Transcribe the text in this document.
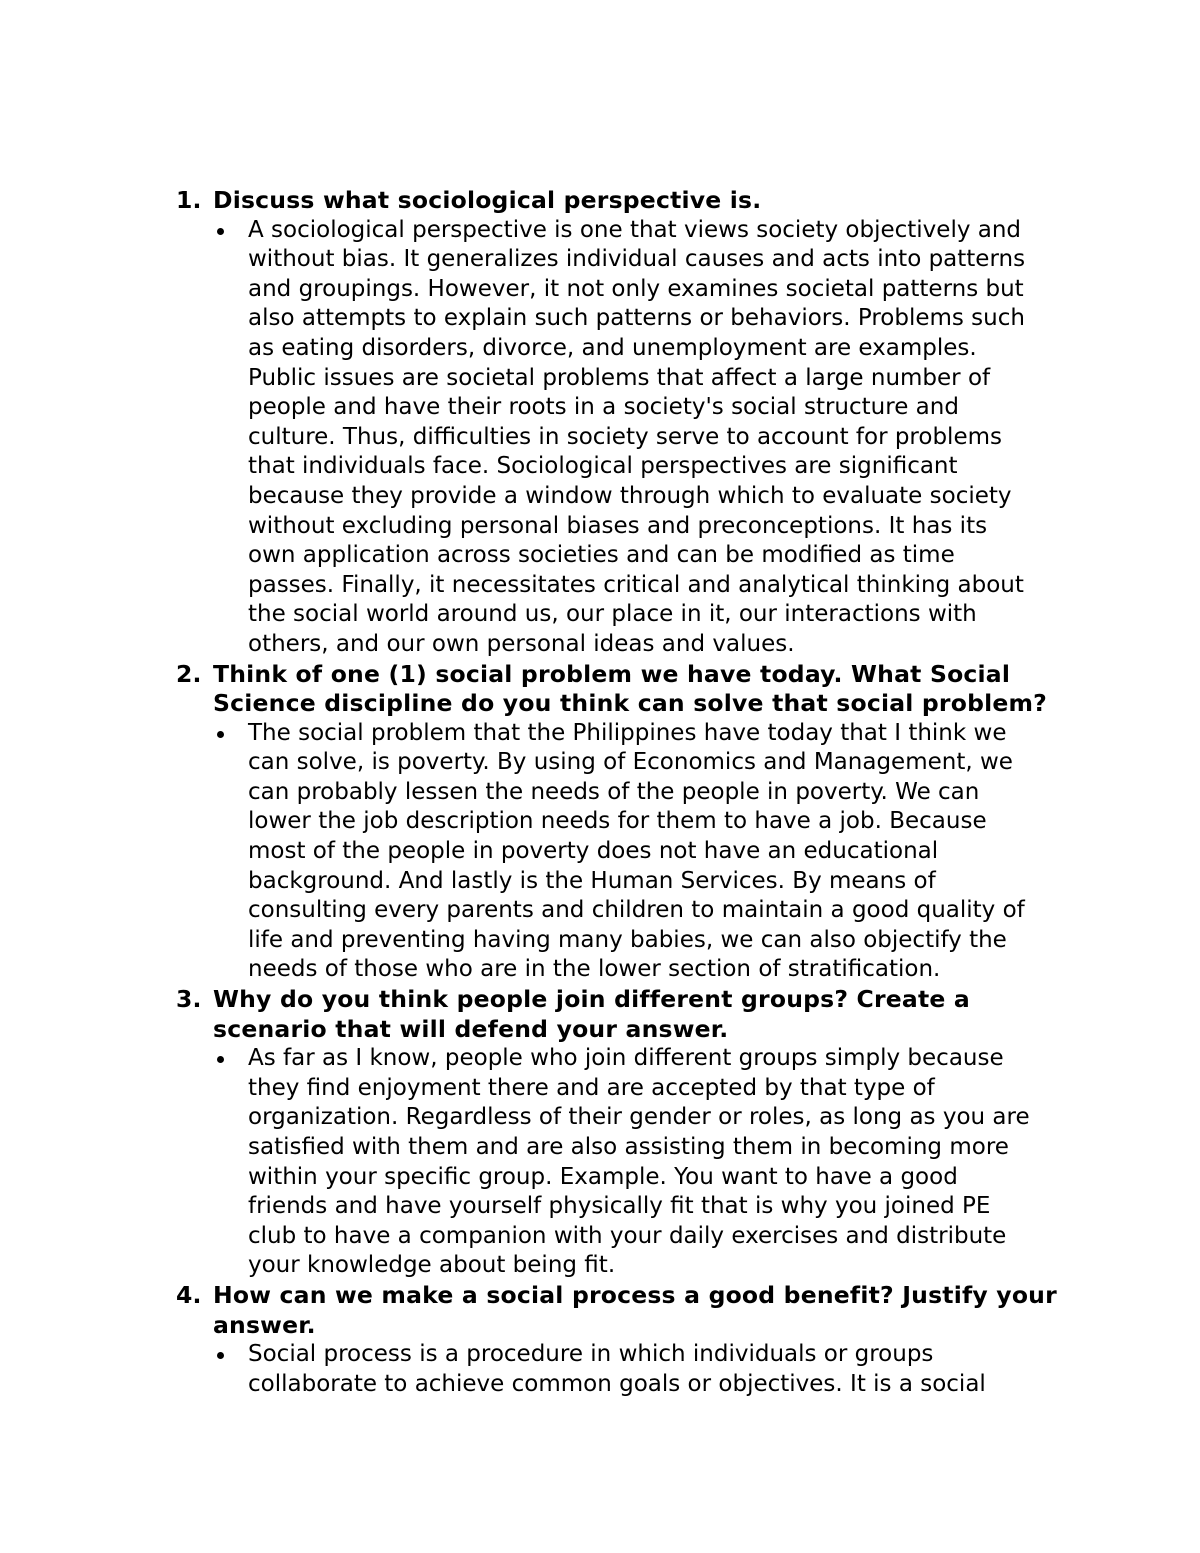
1. Discuss what sociological perspective is.
A sociological perspective is one that views society objectively and
without bias. It generalizes individual causes and acts into patterns
and groupings. However, it not only examines societal patterns but
also attempts to explain such patterns or behaviors. Problems such
as eating disorders, divorce, and unemployment are examples.
Public issues are societal problems that affect a large number of
people and have their roots in a society's social structure and
culture. Thus, difficulties in society serve to account for problems
that individuals face. Sociological perspectives are significant
because they provide a window through which to evaluate society
without excluding personal biases and preconceptions. It has its
own application across societies and can be modified as time
passes. Finally, it necessitates critical and analytical thinking about
the social world around us, our place in it, our interactions with
others, and our own personal ideas and values.
2. Think of one (1) social problem we have today. What Social
Science discipline do you think can solve that social problem?
The social problem that the Philippines have today that I think we
can solve, is poverty. By using of Economics and Management, we
can probably lessen the needs of the people in poverty. We can
lower the job description needs for them to have a job. Because
most of the people in poverty does not have an educational
background. And lastly is the Human Services. By means of
consulting every parents and children to maintain a good quality of
life and preventing having many babies, we can also objectify the
needs of those who are in the lower section of stratification.
3. Why do you think people join different groups? Create a
scenario that will defend your answer.
As far as I know, people who join different groups simply because
they find enjoyment there and are accepted by that type of
organization. Regardless of their gender or roles, as long as you are
satisfied with them and are also assisting them in becoming more
within your specific group. Example. You want to have a good
friends and have yourself physically fit that is why you joined PE
club to have a companion with your daily exercises and distribute
your knowledge about being fit.
4. How can we make a social process a good benefit? Justify your
answer.
Social process is a procedure in which individuals or groups
collaborate to achieve common goals or objectives. It is a social
